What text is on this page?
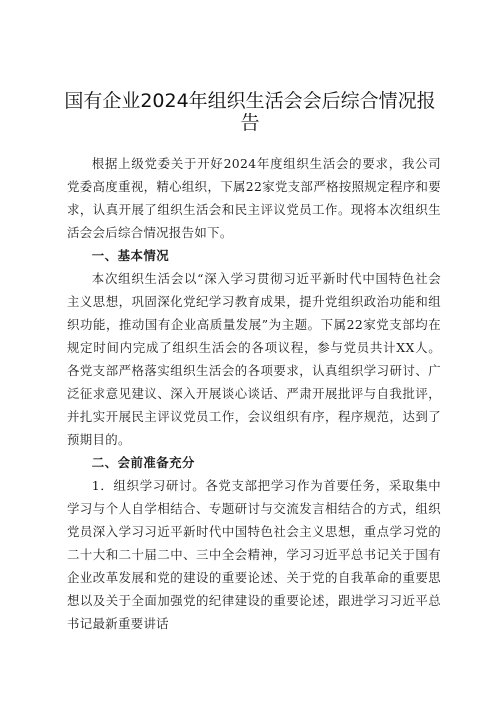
国有企业2024年组织生活会会后综合情况报告

根据上级党委关于开好2024年度组织生活会的要求，我公司党委高度重视，精心组织，下属22家党支部严格按照规定程序和要求，认真开展了组织生活会和民主评议党员工作。现将本次组织生活会会后综合情况报告如下。

一、基本情况

本次组织生活会以“深入学习贯彻习近平新时代中国特色社会主义思想，巩固深化党纪学习教育成果，提升党组织政治功能和组织功能，推动国有企业高质量发展”为主题。下属22家党支部均在规定时间内完成了组织生活会的各项议程，参与党员共计XX人。各党支部严格落实组织生活会的各项要求，认真组织学习研讨、广泛征求意见建议、深入开展谈心谈话、严肃开展批评与自我批评，并扎实开展民主评议党员工作，会议组织有序，程序规范，达到了预期目的。

二、会前准备充分

1．组织学习研讨。各党支部把学习作为首要任务，采取集中学习与个人自学相结合、专题研讨与交流发言相结合的方式，组织党员深入学习习近平新时代中国特色社会主义思想，重点学习党的二十大和二十届二中、三中全会精神，学习习近平总书记关于国有企业改革发展和党的建设的重要论述、关于党的自我革命的重要思想以及关于全面加强党的纪律建设的重要论述，跟进学习习近平总书记最新重要讲话
